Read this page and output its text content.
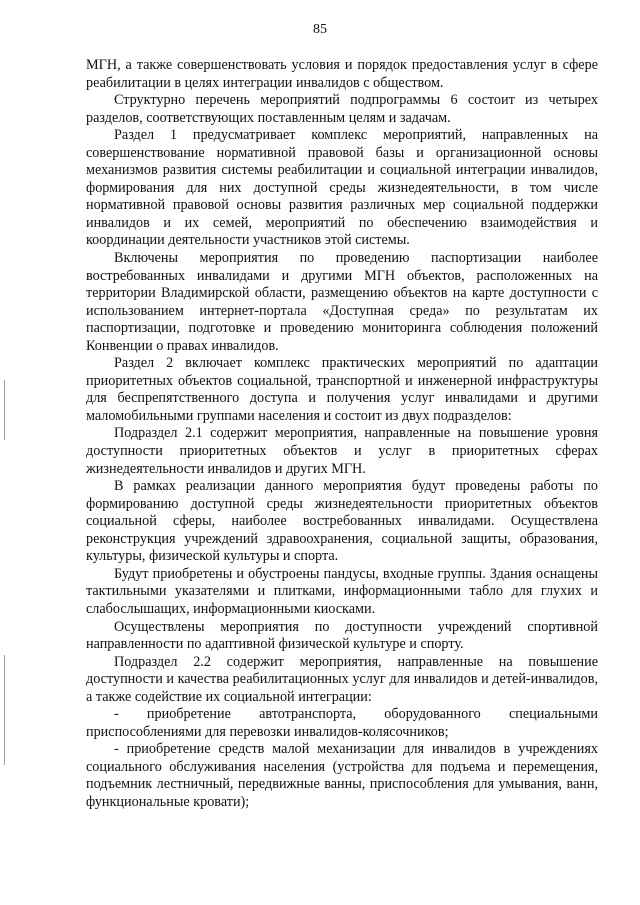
85

МГН, а также совершенствовать условия и порядок предоставления услуг в сфере реабилитации в целях интеграции инвалидов с обществом.

Структурно перечень мероприятий подпрограммы 6 состоит из четырех разделов, соответствующих поставленным целям и задачам.

Раздел 1 предусматривает комплекс мероприятий, направленных на совершенствование нормативной правовой базы и организационной основы механизмов развития системы реабилитации и социальной интеграции инвалидов, формирования для них доступной среды жизнедеятельности, в том числе нормативной правовой основы развития различных мер социальной поддержки инвалидов и их семей, мероприятий по обеспечению взаимодействия и координации деятельности участников этой системы.

Включены мероприятия по проведению паспортизации наиболее востребованных инвалидами и другими МГН объектов, расположенных на территории Владимирской области, размещению объектов на карте доступности с использованием интернет-портала «Доступная среда» по результатам их паспортизации, подготовке и проведению мониторинга соблюдения положений Конвенции о правах инвалидов.

Раздел 2 включает комплекс практических мероприятий по адаптации приоритетных объектов социальной, транспортной и инженерной инфраструктуры для беспрепятственного доступа и получения услуг инвалидами и другими маломобильными группами населения и состоит из двух подразделов:

Подраздел 2.1 содержит мероприятия, направленные на повышение уровня доступности приоритетных объектов и услуг в приоритетных сферах жизнедеятельности инвалидов и других МГН.

В рамках реализации данного мероприятия будут проведены работы по формированию доступной среды жизнедеятельности приоритетных объектов социальной сферы, наиболее востребованных инвалидами. Осуществлена реконструкция учреждений здравоохранения, социальной защиты, образования, культуры, физической культуры и спорта.

Будут приобретены и обустроены пандусы, входные группы. Здания оснащены тактильными указателями и плитками, информационными табло для глухих и слабослышащих, информационными киосками.

Осуществлены мероприятия по доступности учреждений спортивной направленности по адаптивной физической культуре и спорту.

Подраздел 2.2 содержит мероприятия, направленные на повышение доступности и качества реабилитационных услуг для инвалидов и детей-инвалидов, а также содействие их социальной интеграции:

- приобретение автотранспорта, оборудованного специальными приспособлениями для перевозки инвалидов-колясочников;

- приобретение средств малой механизации для инвалидов в учреждениях социального обслуживания населения (устройства для подъема и перемещения, подъемник лестничный, передвижные ванны, приспособления для умывания, ванн, функциональные кровати);
